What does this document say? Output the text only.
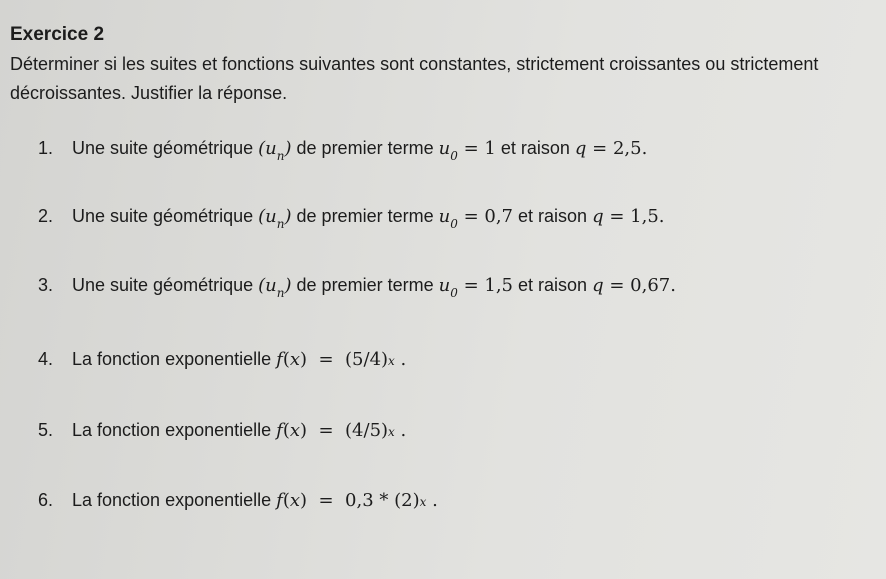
Exercice 2

Déterminer si les suites et fonctions suivantes sont constantes, strictement croissantes ou strictement décroissantes. Justifier la réponse.

1.	Une suite géométrique
$(u_n)$
de premier terme
$u_0 = 1$
et raison
q = 2,5 .
2.	Une suite géométrique
$(u_n)$
de premier terme
$u_0 = 0,7$
et raison
q = 1,5 .
3.	Une suite géométrique
$(u_n)$
de premier terme
$u_0 = 1,5$
et raison
q = 0,67 .
4.	La fonction exponentielle
f ( x )  = (5/4) x .
5.	La fonction exponentielle
f ( x )  = (4/5) x .
6.	La fonction exponentielle
f ( x )  = 0,3 * (2) x .
